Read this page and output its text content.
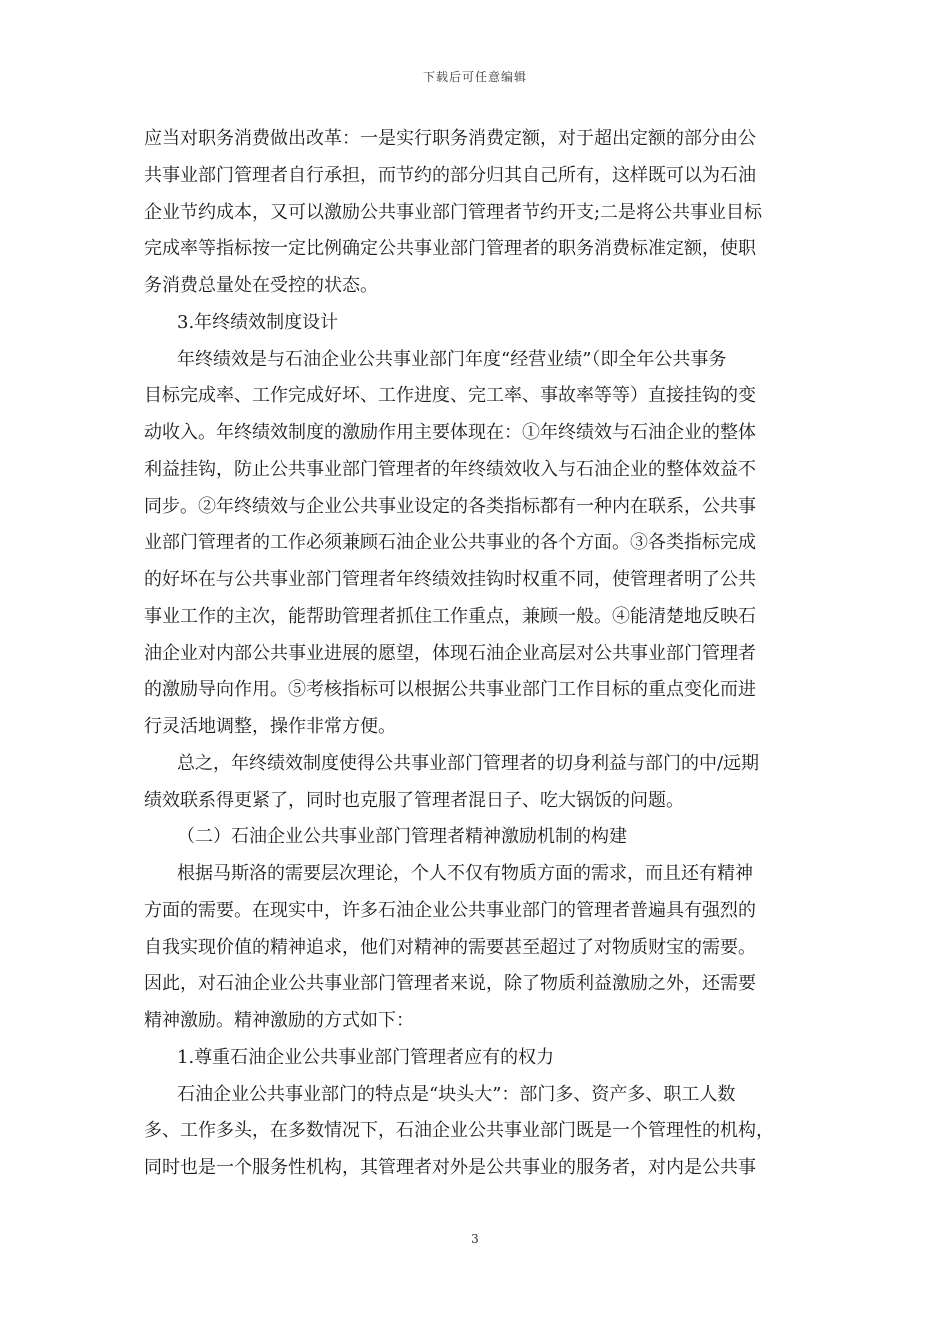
下载后可任意编辑
应当对职务消费做出改革：一是实行职务消费定额，对于超出定额的部分由公
共事业部门管理者自行承担，而节约的部分归其自己所有，这样既可以为石油
企业节约成本，又可以激励公共事业部门管理者节约开支;二是将公共事业目标
完成率等指标按一定比例确定公共事业部门管理者的职务消费标准定额，使职
务消费总量处在受控的状态。
3.年终绩效制度设计
年终绩效是与石油企业公共事业部门年度“经营业绩”（即全年公共事务
目标完成率、工作完成好坏、工作进度、完工率、事故率等等）直接挂钩的变
动收入。年终绩效制度的激励作用主要体现在：①年终绩效与石油企业的整体
利益挂钩，防止公共事业部门管理者的年终绩效收入与石油企业的整体效益不
同步。②年终绩效与企业公共事业设定的各类指标都有一种内在联系，公共事
业部门管理者的工作必须兼顾石油企业公共事业的各个方面。③各类指标完成
的好坏在与公共事业部门管理者年终绩效挂钩时权重不同，使管理者明了公共
事业工作的主次，能帮助管理者抓住工作重点，兼顾一般。④能清楚地反映石
油企业对内部公共事业进展的愿望，体现石油企业高层对公共事业部门管理者
的激励导向作用。⑤考核指标可以根据公共事业部门工作目标的重点变化而进
行灵活地调整，操作非常方便。
总之，年终绩效制度使得公共事业部门管理者的切身利益与部门的中/远期
绩效联系得更紧了，同时也克服了管理者混日子、吃大锅饭的问题。
（二）石油企业公共事业部门管理者精神激励机制的构建
根据马斯洛的需要层次理论，个人不仅有物质方面的需求，而且还有精神
方面的需要。在现实中，许多石油企业公共事业部门的管理者普遍具有强烈的
自我实现价值的精神追求，他们对精神的需要甚至超过了对物质财宝的需要。
因此，对石油企业公共事业部门管理者来说，除了物质利益激励之外，还需要
精神激励。精神激励的方式如下：
1.尊重石油企业公共事业部门管理者应有的权力
石油企业公共事业部门的特点是“块头大”：部门多、资产多、职工人数
多、工作多头，在多数情况下，石油企业公共事业部门既是一个管理性的机构，
同时也是一个服务性机构，其管理者对外是公共事业的服务者，对内是公共事
3
